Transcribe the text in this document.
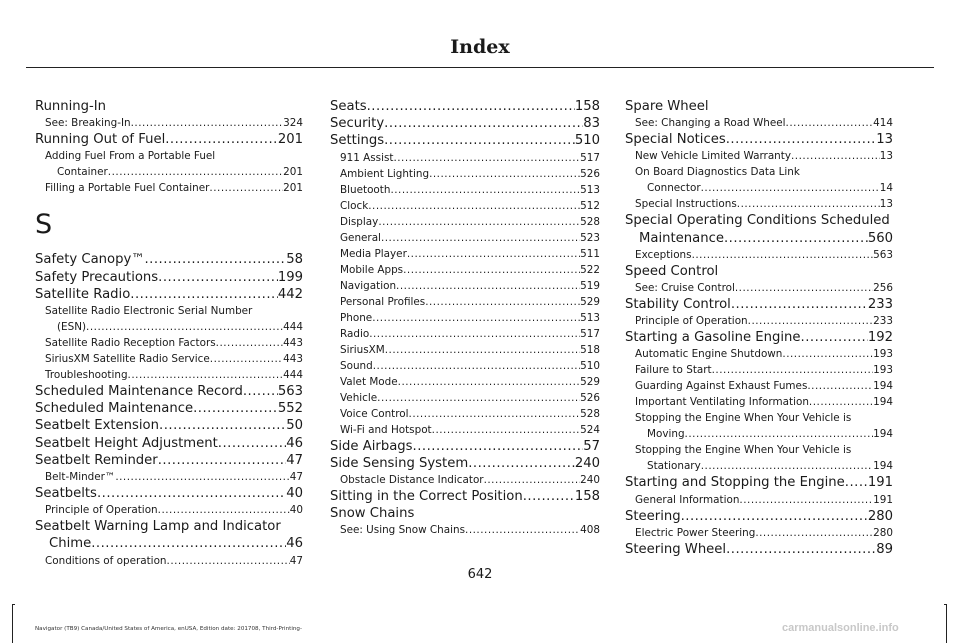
Index
Running-In
See: Breaking-In .....	324
Running Out of Fuel .....	201
Adding Fuel From a Portable Fuel
Container .....	201
Filling a Portable Fuel Container .....	201
S
Safety Canopy™ .....	58
Safety Precautions .....	199
Satellite Radio .....	442
Satellite Radio Electronic Serial Number
(ESN) .....	444
Satellite Radio Reception Factors .....	443
SiriusXM Satellite Radio Service .....	443
Troubleshooting .....	444
Scheduled Maintenance Record .....	563
Scheduled Maintenance .....	552
Seatbelt Extension .....	50
Seatbelt Height Adjustment .....	46
Seatbelt Reminder .....	47
Belt-Minder™ .....	47
Seatbelts .....	40
Principle of Operation .....	40
Seatbelt Warning Lamp and Indicator
Chime .....	46
Conditions of operation .....	47
Seats .....	158
Security .....	83
Settings .....	510
911 Assist .....	517
Ambient Lighting .....	526
Bluetooth .....	513
Clock .....	512
Display .....	528
General .....	523
Media Player .....	511
Mobile Apps .....	522
Navigation .....	519
Personal Profiles .....	529
Phone .....	513
Radio .....	517
SiriusXM .....	518
Sound .....	510
Valet Mode .....	529
Vehicle .....	526
Voice Control .....	528
Wi-Fi and Hotspot .....	524
Side Airbags .....	57
Side Sensing System .....	240
Obstacle Distance Indicator .....	240
Sitting in the Correct Position .....	158
Snow Chains
See: Using Snow Chains .....	408
Spare Wheel
See: Changing a Road Wheel .....	414
Special Notices .....	13
New Vehicle Limited Warranty .....	13
On Board Diagnostics Data Link
Connector .....	14
Special Instructions .....	13
Special Operating Conditions Scheduled
Maintenance .....	560
Exceptions .....	563
Speed Control
See: Cruise Control .....	256
Stability Control .....	233
Principle of Operation .....	233
Starting a Gasoline Engine .....	192
Automatic Engine Shutdown .....	193
Failure to Start .....	193
Guarding Against Exhaust Fumes .....	194
Important Ventilating Information .....	194
Stopping the Engine When Your Vehicle is
Moving .....	194
Stopping the Engine When Your Vehicle is
Stationary .....	194
Starting and Stopping the Engine ..... 191
General Information .....	191
Steering .....	280
Electric Power Steering .....	280
Steering Wheel .....	89
642
Navigator (TB9) Canada/United States of America, enUSA, Edition date: 201708, Third-Printing-	carmanualsonline.info
